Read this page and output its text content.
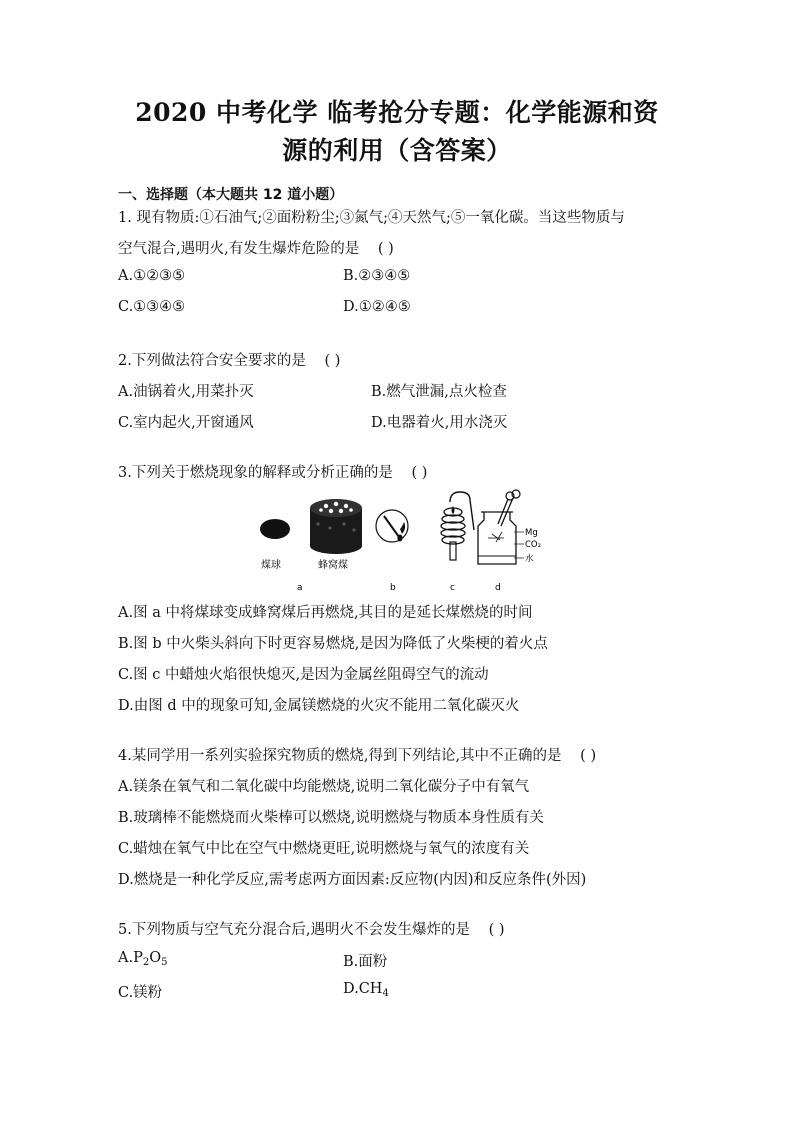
2020 中考化学 临考抢分专题：化学能源和资
源的利用（含答案）
一、选择题（本大题共 12 道小题）
1. 现有物质:①石油气;②面粉粉尘;③氮气;④天然气;⑤一氧化碳。当这些物质与
空气混合,遇明火,有发生爆炸危险的是 ( )
A.①②③⑤	B.②③④⑤
C.①③④⑤	D.①②④⑤
2.下列做法符合安全要求的是 ( )
A.油锅着火,用菜扑灭	B.燃气泄漏,点火检查
C.室内起火,开窗通风	D.电器着火,用水浇灭
3.下列关于燃烧现象的解释或分析正确的是 ( )
煤球	蜂窝煤
a	b	c
Mg
CO₂
水
d
A.图 a 中将煤球变成蜂窝煤后再燃烧,其目的是延长煤燃烧的时间
B.图 b 中火柴头斜向下时更容易燃烧,是因为降低了火柴梗的着火点
C.图 c 中蜡烛火焰很快熄灭,是因为金属丝阻碍空气的流动
D.由图 d 中的现象可知,金属镁燃烧的火灾不能用二氧化碳灭火
4.某同学用一系列实验探究物质的燃烧,得到下列结论,其中不正确的是 ( )
A.镁条在氧气和二氧化碳中均能燃烧,说明二氧化碳分子中有氧气
B.玻璃棒不能燃烧而火柴棒可以燃烧,说明燃烧与物质本身性质有关
C.蜡烛在氧气中比在空气中燃烧更旺,说明燃烧与氧气的浓度有关
D.燃烧是一种化学反应,需考虑两方面因素:反应物(内因)和反应条件(外因)
5.下列物质与空气充分混合后,遇明火不会发生爆炸的是 ( )
$A.P_2O_5$	B.面粉
C.镁粉	$D.CH_4$
